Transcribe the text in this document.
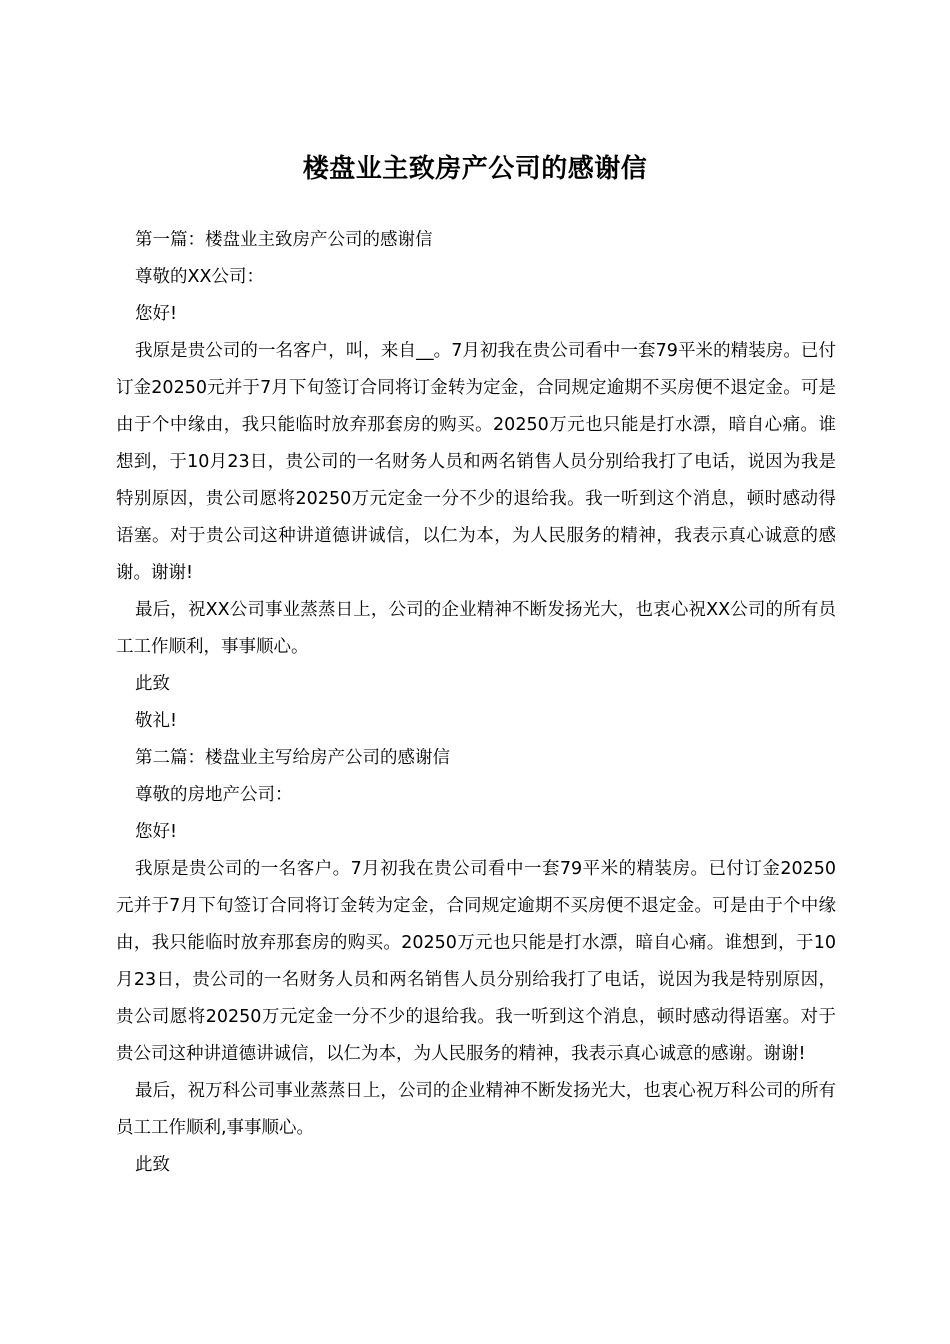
楼盘业主致房产公司的感谢信

第一篇：楼盘业主致房产公司的感谢信

尊敬的XX公司：

您好!

我原是贵公司的一名客户，叫，来自__。7月初我在贵公司看中一套79平米的精装房。已付订金20250元并于7月下旬签订合同将订金转为定金，合同规定逾期不买房便不退定金。可是由于个中缘由，我只能临时放弃那套房的购买。20250万元也只能是打水漂，暗自心痛。谁想到，于10月23日，贵公司的一名财务人员和两名销售人员分别给我打了电话，说因为我是特别原因，贵公司愿将20250万元定金一分不少的退给我。我一听到这个消息，顿时感动得语塞。对于贵公司这种讲道德讲诚信，以仁为本，为人民服务的精神，我表示真心诚意的感谢。谢谢!

最后，祝XX公司事业蒸蒸日上，公司的企业精神不断发扬光大，也衷心祝XX公司的所有员工工作顺利，事事顺心。

此致

敬礼!

第二篇：楼盘业主写给房产公司的感谢信

尊敬的房地产公司：

您好!

我原是贵公司的一名客户。7月初我在贵公司看中一套79平米的精装房。已付订金20250元并于7月下旬签订合同将订金转为定金，合同规定逾期不买房便不退定金。可是由于个中缘由，我只能临时放弃那套房的购买。20250万元也只能是打水漂，暗自心痛。谁想到，于10月23日，贵公司的一名财务人员和两名销售人员分别给我打了电话，说因为我是特别原因，贵公司愿将20250万元定金一分不少的退给我。我一听到这个消息，顿时感动得语塞。对于贵公司这种讲道德讲诚信，以仁为本，为人民服务的精神，我表示真心诚意的感谢。谢谢!

最后，祝万科公司事业蒸蒸日上，公司的企业精神不断发扬光大，也衷心祝万科公司的所有员工工作顺利,事事顺心。

此致
